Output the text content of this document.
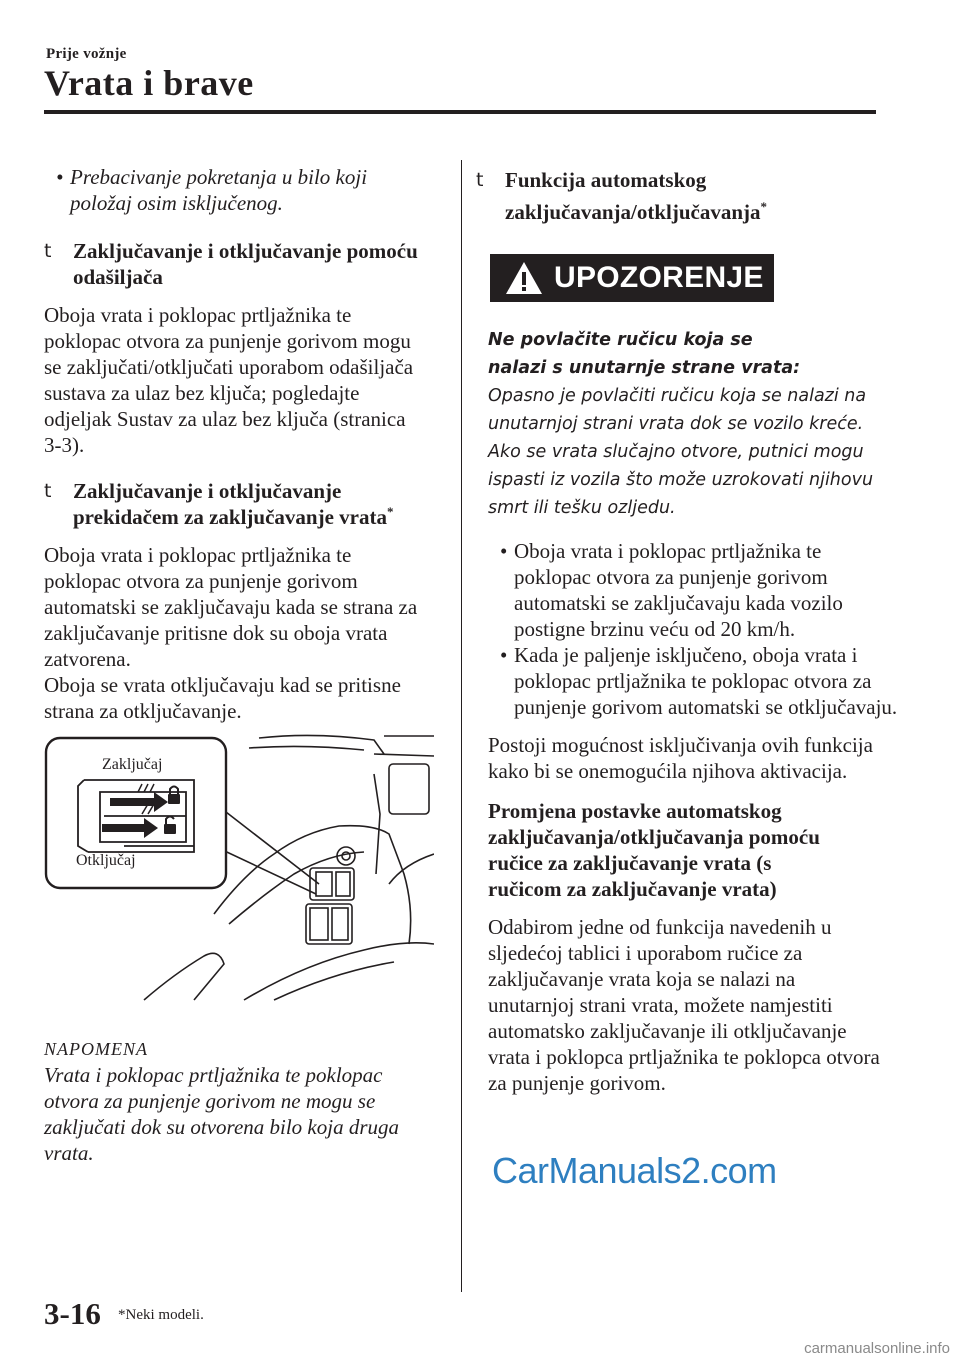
Prije vožnje
Vrata i brave

• Prebacivanje pokretanja u bilo koji položaj osim isključenog.

t Zaključavanje i otključavanje pomoću odašiljača

Oboja vrata i poklopac prtljažnika te poklopac otvora za punjenje gorivom mogu se zaključati/otključati uporabom odašiljača sustava za ulaz bez ključa; pogledajte odjeljak Sustav za ulaz bez ključa (stranica 3-3).

t Zaključavanje i otključavanje prekidačem za zaključavanje vrata*

Oboja vrata i poklopac prtljažnika te poklopac otvora za punjenje gorivom automatski se zaključavaju kada se strana za zaključavanje pritisne dok su oboja vrata zatvorena.

Oboja se vrata otključavaju kad se pritisne strana za otključavanje.

Zaključaj
Otključaj

NAPOMENA

Vrata i poklopac prtljažnika te poklopac otvora za punjenje gorivom ne mogu se zaključati dok su otvorena bilo koja druga vrata.

t Funkcija automatskog zaključavanja/otključavanja*

UPOZORENJE

Ne povlačite ručicu koja se nalazi s unutarnje strane vrata:

Opasno je povlačiti ručicu koja se nalazi na unutarnjoj strani vrata dok se vozilo kreće. Ako se vrata slučajno otvore, putnici mogu ispasti iz vozila što može uzrokovati njihovu smrt ili tešku ozljedu.

• Oboja vrata i poklopac prtljažnika te poklopac otvora za punjenje gorivom automatski se zaključavaju kada vozilo postigne brzinu veću od 20 km/h.

• Kada je paljenje isključeno, oboja vrata i poklopac prtljažnika te poklopac otvora za punjenje gorivom automatski se otključavaju.

Postoji mogućnost isključivanja ovih funkcija kako bi se onemogućila njihova aktivacija.

Promjena postavke automatskog zaključavanja/otključavanja pomoću ručice za zaključavanje vrata (s ručicom za zaključavanje vrata)

Odabirom jedne od funkcija navedenih u sljedećoj tablici i uporabom ručice za zaključavanje vrata koja se nalazi na unutarnjoj strani vrata, možete namjestiti automatsko zaključavanje ili otključavanje vrata i poklopca prtljažnika te poklopca otvora za punjenje gorivom.

CarManuals2.com
3-16 *Neki modeli.
carmanualsonline.info
